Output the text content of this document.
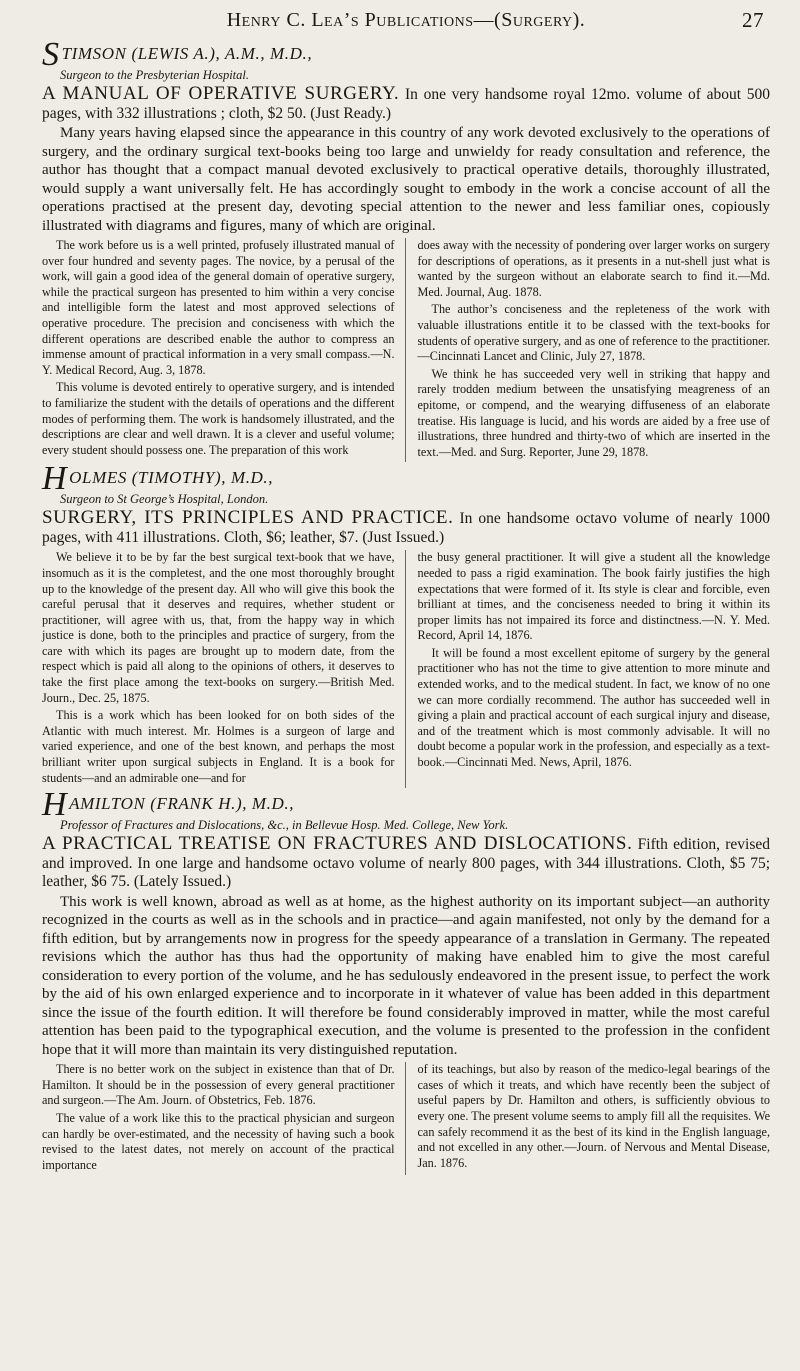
Henry C. Lea’s Publications—(Surgery).	27
STIMSON (LEWIS A.), A.M., M.D.,
Surgeon to the Presbyterian Hospital.
A MANUAL OF OPERATIVE SURGERY. In one very handsome royal 12mo. volume of about 500 pages, with 332 illustrations ; cloth, $2 50. (Just Ready.)
Many years having elapsed since the appearance in this country of any work devoted exclusively to the operations of surgery, and the ordinary surgical text-books being too large and unwieldy for ready consultation and reference, the author has thought that a compact manual devoted exclusively to practical operative details, thoroughly illustrated, would supply a want universally felt. He has accordingly sought to embody in the work a concise account of all the operations practised at the present day, devoting special attention to the newer and less familiar ones, copiously illustrated with diagrams and figures, many of which are original.

The work before us is a well printed, profusely illustrated manual of over four hundred and seventy pages. The novice, by a perusal of the work, will gain a good idea of the general domain of operative surgery, while the practical surgeon has presented to him within a very concise and intelligible form the latest and most approved selections of operative procedure. The precision and conciseness with which the different operations are described enable the author to compress an immense amount of practical information in a very small compass.—N. Y. Medical Record, Aug. 3, 1878.

This volume is devoted entirely to operative surgery, and is intended to familiarize the student with the details of operations and the different modes of performing them. The work is handsomely illustrated, and the descriptions are clear and well drawn. It is a clever and useful volume; every student should possess one. The preparation of this work

does away with the necessity of pondering over larger works on surgery for descriptions of operations, as it presents in a nut-shell just what is wanted by the surgeon without an elaborate search to find it.—Md. Med. Journal, Aug. 1878.

The author’s conciseness and the repleteness of the work with valuable illustrations entitle it to be classed with the text-books for students of operative surgery, and as one of reference to the practitioner.—Cincinnati Lancet and Clinic, July 27, 1878.

We think he has succeeded very well in striking that happy and rarely trodden medium between the unsatisfying meagreness of an epitome, or compend, and the wearying diffuseness of an elaborate treatise. His language is lucid, and his words are aided by a free use of illustrations, three hundred and thirty-two of which are inserted in the text.—Med. and Surg. Reporter, June 29, 1878.

HOLMES (TIMOTHY), M.D.,
Surgeon to St George’s Hospital, London.
SURGERY, ITS PRINCIPLES AND PRACTICE. In one handsome octavo volume of nearly 1000 pages, with 411 illustrations. Cloth, $6; leather, $7. (Just Issued.)

We believe it to be by far the best surgical text-book that we have, insomuch as it is the completest, and the one most thoroughly brought up to the knowledge of the present day. All who will give this book the careful perusal that it deserves and requires, whether student or practitioner, will agree with us, that, from the happy way in which justice is done, both to the principles and practice of surgery, from the care with which its pages are brought up to modern date, from the respect which is paid all along to the opinions of others, it deserves to take the first place among the text-books on surgery.—British Med. Journ., Dec. 25, 1875.

This is a work which has been looked for on both sides of the Atlantic with much interest. Mr. Holmes is a surgeon of large and varied experience, and one of the best known, and perhaps the most brilliant writer upon surgical subjects in England. It is a book for students—and an admirable one—and for

the busy general practitioner. It will give a student all the knowledge needed to pass a rigid examination. The book fairly justifies the high expectations that were formed of it. Its style is clear and forcible, even brilliant at times, and the conciseness needed to bring it within its proper limits has not impaired its force and distinctness.—N. Y. Med. Record, April 14, 1876.

It will be found a most excellent epitome of surgery by the general practitioner who has not the time to give attention to more minute and extended works, and to the medical student. In fact, we know of no one we can more cordially recommend. The author has succeeded well in giving a plain and practical account of each surgical injury and disease, and of the treatment which is most commonly advisable. It will no doubt become a popular work in the profession, and especially as a text-book.—Cincinnati Med. News, April, 1876.

HAMILTON (FRANK H.), M.D.,
Professor of Fractures and Dislocations, &c., in Bellevue Hosp. Med. College, New York.
A PRACTICAL TREATISE ON FRACTURES AND DISLOCATIONS. Fifth edition, revised and improved. In one large and handsome octavo volume of nearly 800 pages, with 344 illustrations. Cloth, $5 75; leather, $6 75. (Lately Issued.)
This work is well known, abroad as well as at home, as the highest authority on its important subject—an authority recognized in the courts as well as in the schools and in practice—and again manifested, not only by the demand for a fifth edition, but by arrangements now in progress for the speedy appearance of a translation in Germany. The repeated revisions which the author has thus had the opportunity of making have enabled him to give the most careful consideration to every portion of the volume, and he has sedulously endeavored in the present issue, to perfect the work by the aid of his own enlarged experience and to incorporate in it whatever of value has been added in this department since the issue of the fourth edition. It will therefore be found considerably improved in matter, while the most careful attention has been paid to the typographical execution, and the volume is presented to the profession in the confident hope that it will more than maintain its very distinguished reputation.

There is no better work on the subject in existence than that of Dr. Hamilton. It should be in the possession of every general practitioner and surgeon.—The Am. Journ. of Obstetrics, Feb. 1876.

The value of a work like this to the practical physician and surgeon can hardly be over-estimated, and the necessity of having such a book revised to the latest dates, not merely on account of the practical importance

of its teachings, but also by reason of the medico-legal bearings of the cases of which it treats, and which have recently been the subject of useful papers by Dr. Hamilton and others, is sufficiently obvious to every one. The present volume seems to amply fill all the requisites. We can safely recommend it as the best of its kind in the English language, and not excelled in any other.—Journ. of Nervous and Mental Disease, Jan. 1876.
